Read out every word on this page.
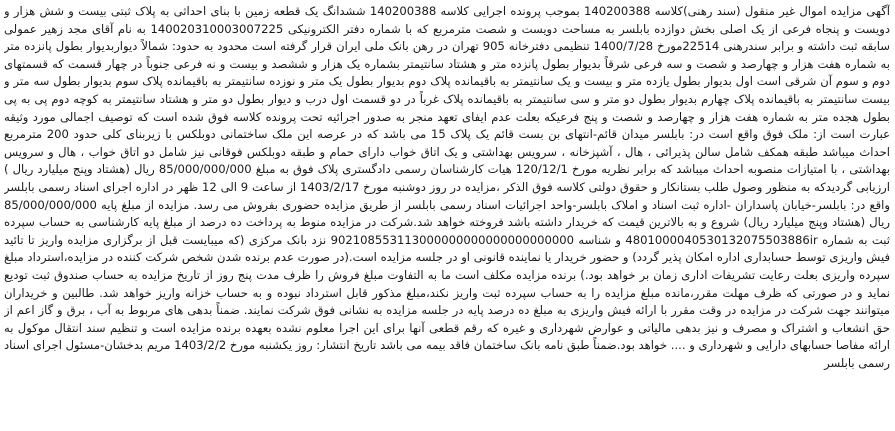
آگهی مزایده اموال غیر منقول (سند رهنی)کلاسه 140200388 بموجب پرونده اجرایی کلاسه 140200388 ششدانگ یک قطعه زمین با بنای احداثی به پلاک ثبتی بیست و شش هزار و دویست و پنجاه فرعی از یک اصلی بخش دوازده بابلسر به مساحت دویست و شصت مترمربع که با شماره دفتر الکترونیکی 140020310003007225 به نام آقای مجد زهیر عمولی سابقه ثبت داشته و برابر سندرهنی 22514مورخ 1400/7/28 تنظیمی دفترخانه 905 تهران در رهن بانک ملی ایران قرار گرفته است محدود به حدود: شمالاً دیواربدیوار بطول پانزده متر به شماره هفت هزار و چهارصد و شصت و سه فرعی شرقاً بدیوار بطول پانزده متر و هشتاد سانتیمتر بشماره یک هزار و ششصد و بیست و نه فرعی جنوباً در چهار قسمت که قسمتهای دوم و سوم آن شرقی است اول بدیوار بطول یازده متر و بیست و یک سانتیمتر به باقیمانده پلاک دوم بدیوار بطول یک متر و نوزده سانتیمتر به باقیمانده پلاک سوم بدیوار بطول سه متر و بیست سانتیمتر به باقیمانده پلاک چهارم بدیوار بطول دو متر و سی سانتیمتر به باقیمانده پلاک غرباً در دو قسمت اول درب و دیوار بطول دو متر و هشتاد سانتیمتر به کوچه دوم پی به پی بطول هجده متر به شماره هفت هزار و چهارصد و شصت و پنج فرعیکه بعلت عدم ایفای تعهد منجر به صدور اجرائیه تحت پرونده کلاسه فوق شده است که توصیف اجمالی مورد وثیقه عبارت است از: ملک فوق واقع است در: بابلسر میدان قائم-انتهای بن بست قائم یک پلاک 15 می باشد که در عرصه این ملک ساختمانی دوبلکس با زیربنای کلی حدود 200 مترمربع احداث میباشد طبقه همکف شامل سالن پذیرائی ، هال ، آشپزخانه ، سرویس بهداشتی و یک اتاق خواب دارای حمام و طبقه دوبلکس فوقانی نیز شامل دو اتاق خواب ، هال و سرویس بهداشتی ، با امتیازات منصوبه احداث میباشد که برابر نظریه مورخ 120/12/1 هیات کارشناسان رسمی دادگستری پلاک فوق به مبلغ 85/000/000/000 ریال (هشتاد وپنج میلیارد ریال ) ارزیابی گردیدکه به منظور وصول طلب بستانکار و حقوق دولتی کلاسه فوق الذکر ،مزایده در روز دوشنبه مورخ 1403/2/17 از ساعت 9 الی 12 ظهر در اداره اجرای اسناد رسمی بابلسر واقع در: بابلسر-خیابان پاسداران -اداره ثبت اسناد و املاک بابلسر-واحد اجرائیات اسناد رسمی بابلسر از طریق مزایده حضوری بفروش می رسد. مزایده از مبلغ پایه 85/000/000/000 ریال (هشتاد وپنج میلیارد ریال) شروع و به بالاترین قیمت که خریدار داشته باشد فروخته خواهد شد.شرکت در مزایده منوط به پرداخت ده درصد از مبلغ پایه کارشناسی به حساب سپرده ثبت به شماره 4801000040530132075503886ir و شناسه 902108553113000000000000000000000 نزد بانک مرکزی (که میبایست قبل از برگزاری مزایده واریز تا تائید فیش واریزی توسط حسابداری اداره امکان پذیر گردد) و حضور خریدار یا نماینده قانونی او در جلسه مزایده است.(در صورت عدم برنده شدن شخص شرکت کننده در مزایده،استرداد مبلغ سپرده واریزی بعلت رعایت تشریفات اداری زمان بر خواهد بود.) برنده مزایده مکلف است ما به التفاوت مبلغ فروش را ظرف مدت پنج روز از تاریخ مزایده به حساب صندوق ثبت تودیع نماید و در صورتی که ظرف مهلت مقرر،مانده مبلغ مزایده را به حساب سپرده ثبت واریز نکند،مبلغ مذکور قابل استرداد نبوده و به حساب خزانه واریز خواهد شد. طالبین و خریداران میتوانند جهت شرکت در مزایده در وقت مقرر با ارائه فیش واریزی به مبلغ ده درصد پایه در جلسه مزایده به نشانی فوق شرکت نمایند. ضمناً بدهی های مربوط به آب ، برق و گاز اعم از حق انشعاب و اشتراک و مصرف و نیز بدهی مالیاتی و عوارض شهرداری و غیره که رقم قطعی آنها برای این اجرا معلوم نشده بعهده برنده مزایده است و تنظیم سند انتقال موکول به ارائه مفاصا حسابهای دارایی و شهرداری و .... خواهد بود.ضمناً طبق نامه بانک ساختمان فاقد بیمه می باشد تاریخ انتشار: روز یکشنبه مورخ 1403/2/2 مریم بدخشان-مسئول اجرای اسناد رسمی بابلسر
